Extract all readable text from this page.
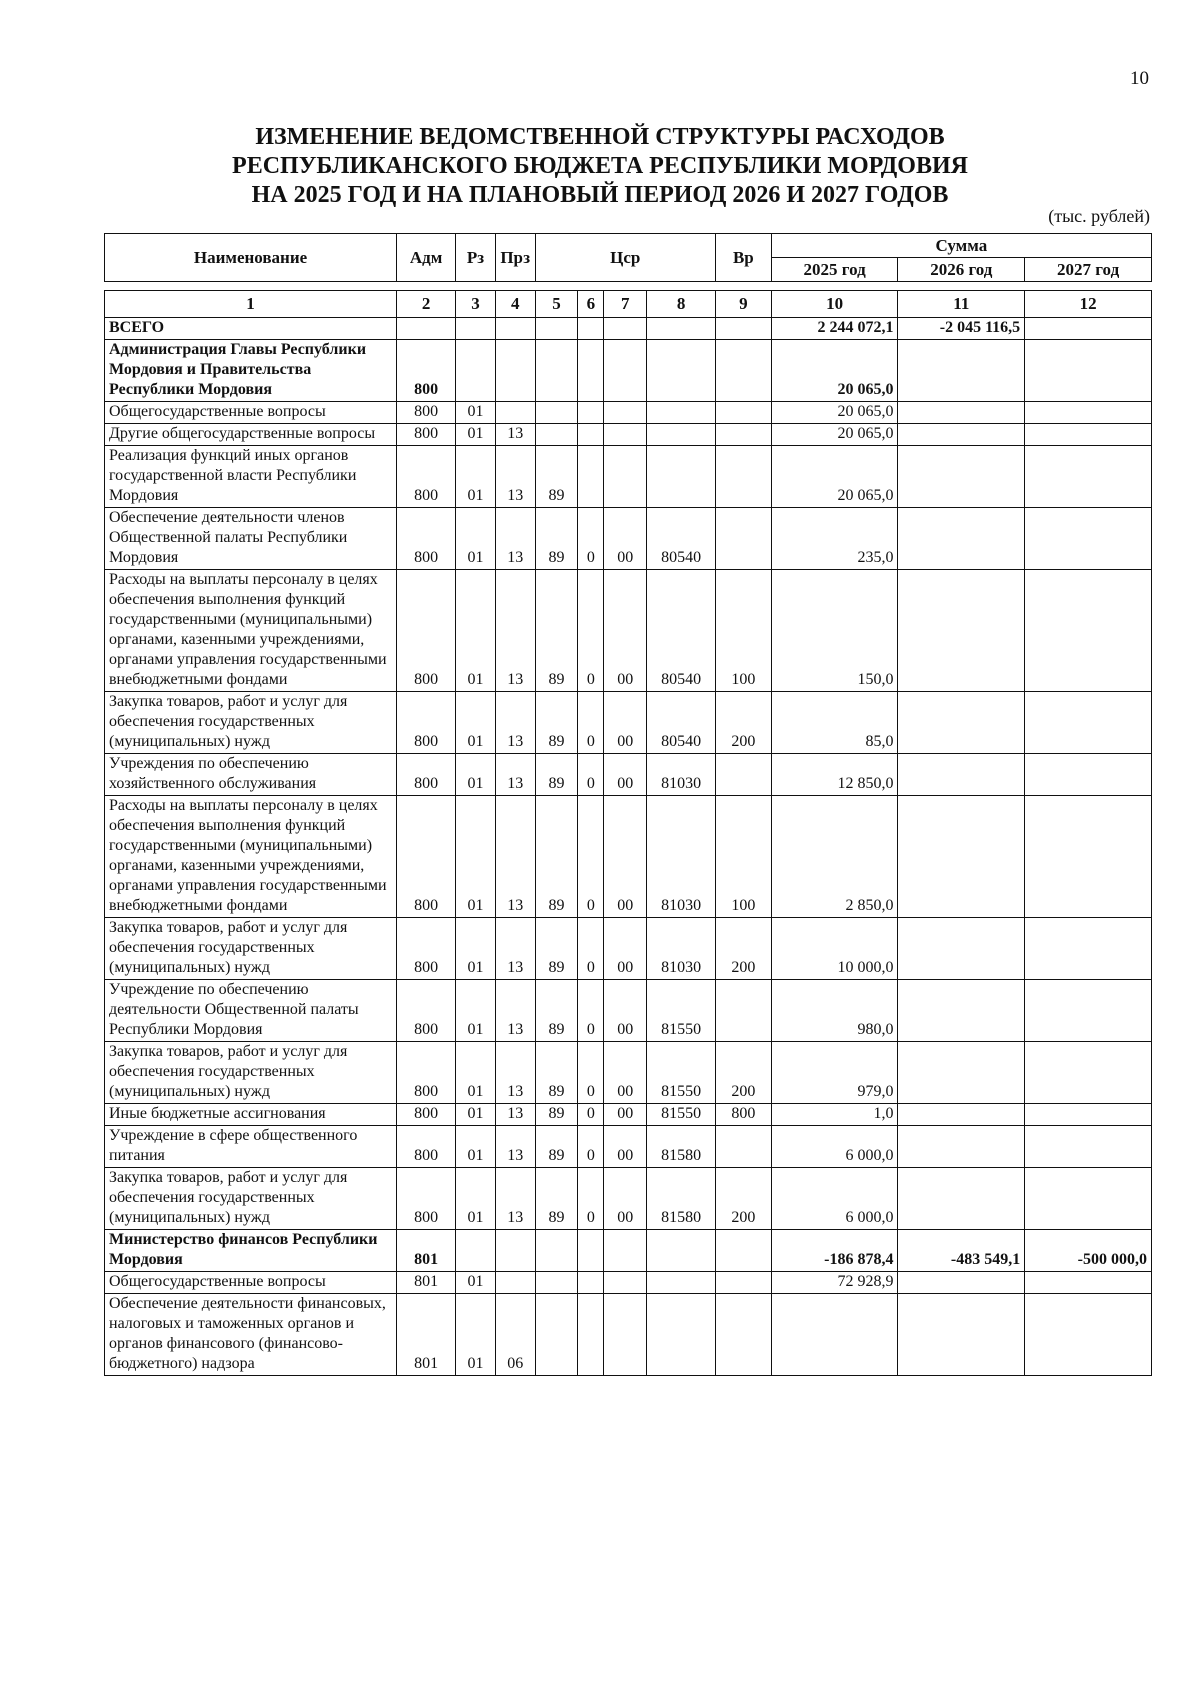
10
ИЗМЕНЕНИЕ ВЕДОМСТВЕННОЙ СТРУКТУРЫ РАСХОДОВ
РЕСПУБЛИКАНСКОГО БЮДЖЕТА РЕСПУБЛИКИ МОРДОВИЯ
НА 2025 ГОД И НА ПЛАНОВЫЙ ПЕРИОД 2026 И 2027 ГОДОВ
(тыс. рублей)
Наименование	Адм	Рз	Прз	Цср				Вр	Сумма		
									2025 год	2026 год	2027 год

1	2	3	4	5	6	7	8	9	10	11	12
ВСЕГО									2 244 072,1	-2 045 116,5	
Администрация Главы Республики Мордовия и Правительства Республики Мордовия	800								20 065,0		
Общегосударственные вопросы	800	01							20 065,0		
Другие общегосударственные вопросы	800	01	13						20 065,0		
Реализация функций иных органов государственной власти Республики Мордовия	800	01	13	89					20 065,0		
Обеспечение деятельности членов Общественной палаты Республики Мордовия	800	01	13	89	0	00	80540		235,0		
Расходы на выплаты персоналу в целях обеспечения выполнения функций государственными (муниципальными) органами, казенными учреждениями, органами управления государственными внебюджетными фондами	800	01	13	89	0	00	80540	100	150,0		
Закупка товаров, работ и услуг для обеспечения государственных (муниципальных) нужд	800	01	13	89	0	00	80540	200	85,0		
Учреждения по обеспечению хозяйственного обслуживания	800	01	13	89	0	00	81030		12 850,0		
Расходы на выплаты персоналу в целях обеспечения выполнения функций государственными (муниципальными) органами, казенными учреждениями, органами управления государственными внебюджетными фондами	800	01	13	89	0	00	81030	100	2 850,0		
Закупка товаров, работ и услуг для обеспечения государственных (муниципальных) нужд	800	01	13	89	0	00	81030	200	10 000,0		
Учреждение по обеспечению деятельности Общественной палаты Республики Мордовия	800	01	13	89	0	00	81550		980,0		
Закупка товаров, работ и услуг для обеспечения государственных (муниципальных) нужд	800	01	13	89	0	00	81550	200	979,0		
Иные бюджетные ассигнования	800	01	13	89	0	00	81550	800	1,0		
Учреждение в сфере общественного питания	800	01	13	89	0	00	81580		6 000,0		
Закупка товаров, работ и услуг для обеспечения государственных (муниципальных) нужд	800	01	13	89	0	00	81580	200	6 000,0		
Министерство финансов Республики Мордовия	801								-186 878,4	-483 549,1	-500 000,0
Общегосударственные вопросы	801	01							72 928,9		
Обеспечение деятельности финансовых, налоговых и таможенных органов и органов финансового (финансово-бюджетного) надзора	801	01	06								
